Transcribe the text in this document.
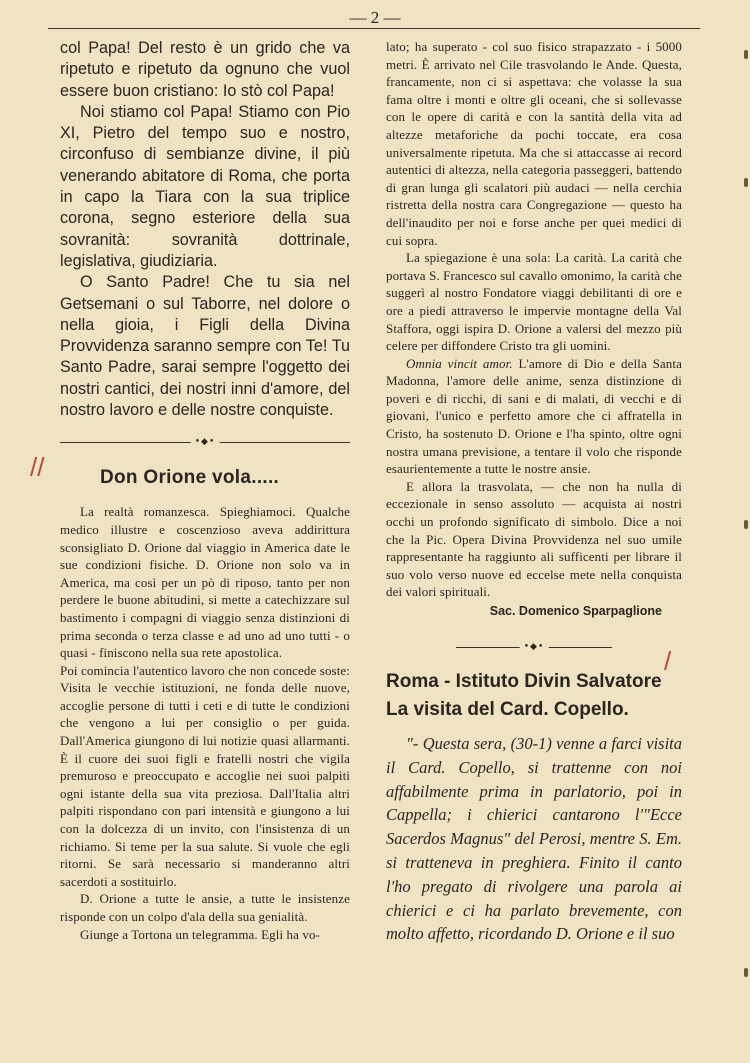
— 2 —

col Papa! Del resto è un grido che va ripetuto e ripetuto da ognuno che vuol essere buon cristiano: Io stò col Papa!

Noi stiamo col Papa! Stiamo con Pio XI, Pietro del tempo suo e nostro, circonfuso di sembianze divine, il più venerando abitatore di Roma, che porta in capo la Tiara con la sua triplice corona, segno esteriore della sua sovranità: sovranità dottrinale, legislativa, giudiziaria.

O Santo Padre! Che tu sia nel Getsemani o sul Taborre, nel dolore o nella gioia, i Figli della Divina Provvidenza saranno sempre con Te! Tu Santo Padre, sarai sempre l'oggetto dei nostri cantici, dei nostri inni d'amore, del nostro lavoro e delle nostre conquiste.

•◆•
Don Orione vola.....

La realtà romanzesca. Spieghiamoci. Qualche medico illustre e coscenzioso aveva addirittura sconsigliato D. Orione dal viaggio in America date le sue condizioni fisiche. D. Orione non solo va in America, ma così per un pò di riposo, tanto per non perdere le buone abitudini, si mette a catechizzare sul bastimento i compagni di viaggio senza distinzioni di prima seconda o terza classe e ad uno ad uno tutti - o quasi - finiscono nella sua rete apostolica.

Poi comincia l'autentico lavoro che non concede soste: Visita le vecchie istituzioni, ne fonda delle nuove, accoglie persone di tutti i ceti e di tutte le condizioni che vengono a lui per consiglio o per guida. Dall'America giungono di lui notizie quasi allarmanti. È il cuore dei suoi figli e fratelli nostri che vigila premuroso e preoccupato e accoglie nei suoi palpiti ogni istante della sua vita preziosa. Dall'Italia altri palpiti rispondano con pari intensità e giungono a lui con la dolcezza di un invito, con l'insistenza di un richiamo. Si teme per la sua salute. Si vuole che egli ritorni. Se sarà necessario si manderanno altri sacerdoti a sostituirlo.

D. Orione a tutte le ansie, a tutte le insistenze risponde con un colpo d'ala della sua genialità.

Giunge a Tortona un telegramma. Egli ha vo-

lato; ha superato - col suo fisico strapazzato - i 5000 metri. È arrivato nel Cile trasvolando le Ande. Questa, francamente, non ci si aspettava: che volasse la sua fama oltre i monti e oltre gli oceani, che si sollevasse con le opere di carità e con la santità della vita ad altezze metaforiche da pochi toccate, era cosa universalmente ripetuta. Ma che si attaccasse ai record autentici di altezza, nella categoria passeggeri, battendo di gran lunga gli scalatori più audaci — nella cerchia ristretta della nostra cara Congregazione — questo ha dell'inaudito per noi e forse anche per quei medici di cui sopra.

La spiegazione è una sola: La carità. La carità che portava S. Francesco sul cavallo omonimo, la carità che suggerì al nostro Fondatore viaggi debilitanti di ore e ore a piedi attraverso le impervie montagne della Val Staffora, oggi ispira D. Orione a valersi del mezzo più celere per diffondere Cristo tra gli uomini.

Omnia vincit amor. L'amore di Dio e della Santa Madonna, l'amore delle anime, senza distinzione di poveri e di ricchi, di sani e di malati, di vecchi e di giovani, l'unico e perfetto amore che ci affratella in Cristo, ha sostenuto D. Orione e l'ha spinto, oltre ogni nostra umana previsione, a tentare il volo che risponde esaurientemente a tutte le nostre ansie.

E allora la trasvolata, — che non ha nulla di eccezionale in senso assoluto — acquista ai nostri occhi un profondo significato di simbolo. Dice a noi che la Pic. Opera Divina Provvidenza nel suo umile rappresentante ha raggiunto ali sufficenti per librare il suo volo verso nuove ed eccelse mete nella conquista dei valori spirituali.

Sac. Domenico Sparpaglione
•◆•
Roma - Istituto Divin Salvatore
La visita del Card. Copello.

"- Questa sera, (30-1) venne a farci visita il Card. Copello, si trattenne con noi affabilmente prima in parlatorio, poi in Cappella; i chierici cantarono l'"Ecce Sacerdos Magnus" del Perosi, mentre S. Em. si tratteneva in preghiera. Finito il canto l'ho pregato di rivolgere una parola ai chierici e ci ha parlato brevemente, con molto affetto, ricordando D. Orione e il suo

//
/
